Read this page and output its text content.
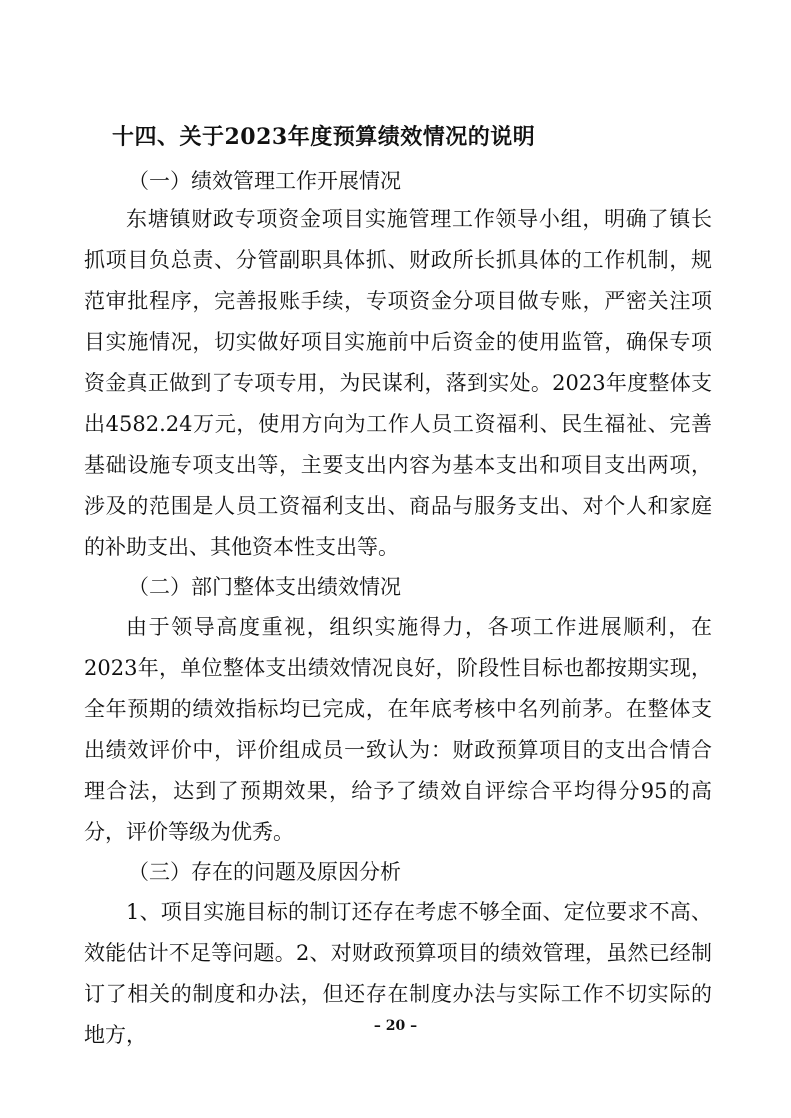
十四、关于2023年度预算绩效情况的说明
（一）绩效管理工作开展情况
东塘镇财政专项资金项目实施管理工作领导小组，明确了镇长抓项目负总责、分管副职具体抓、财政所长抓具体的工作机制，规范审批程序，完善报账手续，专项资金分项目做专账，严密关注项目实施情况，切实做好项目实施前中后资金的使用监管，确保专项资金真正做到了专项专用，为民谋利，落到实处。2023年度整体支出4582.24万元，使用方向为工作人员工资福利、民生福祉、完善基础设施专项支出等，主要支出内容为基本支出和项目支出两项，涉及的范围是人员工资福利支出、商品与服务支出、对个人和家庭的补助支出、其他资本性支出等。
（二）部门整体支出绩效情况
由于领导高度重视，组织实施得力，各项工作进展顺利，在2023年，单位整体支出绩效情况良好，阶段性目标也都按期实现，全年预期的绩效指标均已完成，在年底考核中名列前茅。在整体支出绩效评价中，评价组成员一致认为：财政预算项目的支出合情合理合法，达到了预期效果，给予了绩效自评综合平均得分95的高分，评价等级为优秀。
（三）存在的问题及原因分析
1、项目实施目标的制订还存在考虑不够全面、定位要求不高、效能估计不足等问题。2、对财政预算项目的绩效管理，虽然已经制订了相关的制度和办法，但还存在制度办法与实际工作不切实际的地方，	– 20 –
